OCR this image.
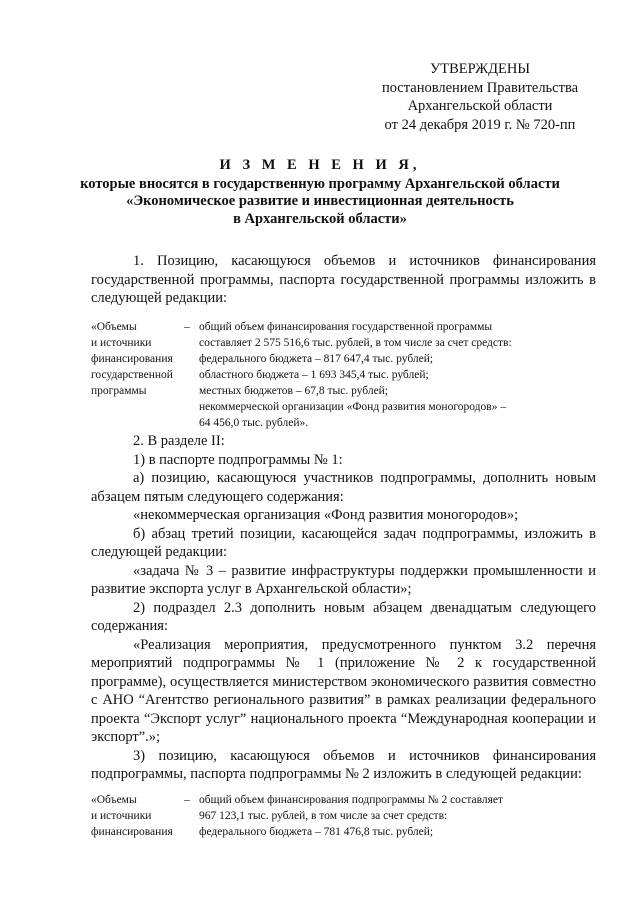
УТВЕРЖДЕНЫ
постановлением Правительства
Архангельской области
от 24 декабря 2019 г. № 720-пп
И З М Е Н Е Н И Я,
которые вносятся в государственную программу Архангельской области
«Экономическое развитие и инвестиционная деятельность
в Архангельской области»

1. Позицию, касающуюся объемов и источников финансирования государственной программы, паспорта государственной программы изложить в следующей редакции:

«Объемы
и источники
финансирования
государственной
программы
– общий объем финансирования государственной программы
составляет 2 575 516,6 тыс. рублей, в том числе за счет средств:
федерального бюджета – 817 647,4 тыс. рублей;
областного бюджета – 1 693 345,4 тыс. рублей;
местных бюджетов – 67,8 тыс. рублей;
некоммерческой организации «Фонд развития моногородов» –
64 456,0 тыс. рублей».

2. В разделе II:

1) в паспорте подпрограммы № 1:

а) позицию, касающуюся участников подпрограммы, дополнить новым абзацем пятым следующего содержания:

«некоммерческая организация «Фонд развития моногородов»;

б) абзац третий позиции, касающейся задач подпрограммы, изложить в следующей редакции:

«задача № 3 – развитие инфраструктуры поддержки промышленности и развитие экспорта услуг в Архангельской области»;

2) подраздел 2.3 дополнить новым абзацем двенадцатым следующего содержания:

«Реализация мероприятия, предусмотренного пунктом 3.2 перечня мероприятий подпрограммы № 1 (приложение № 2 к государственной программе), осуществляется министерством экономического развития совместно с АНО “Агентство регионального развития” в рамках реализации федерального проекта “Экспорт услуг” национального проекта “Международная кооперации и экспорт”.»;

3) позицию, касающуюся объемов и источников финансирования подпрограммы, паспорта подпрограммы № 2 изложить в следующей редакции:

«Объемы
и источники
финансирования
– общий объем финансирования подпрограммы № 2 составляет
967 123,1 тыс. рублей, в том числе за счет средств:
федерального бюджета – 781 476,8 тыс. рублей;
